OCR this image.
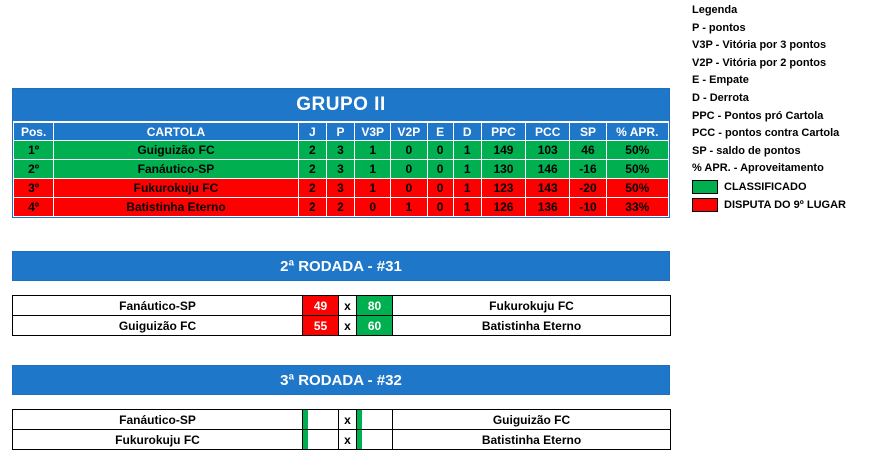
Legenda
P - pontos
V3P - Vitória por 3 pontos
V2P - Vitória por 2 pontos
E - Empate
D - Derrota
PPC - Pontos pró Cartola
PCC - pontos contra Cartola
SP - saldo de pontos
% APR. - Aproveitamento
CLASSIFICADO
DISPUTA DO 9º LUGAR
GRUPO II
Pos.	CARTOLA	J	P	V3P	V2P	E	D	PPC	PCC	SP	% APR.
1º	Guiguizão FC	2	3	1	0	0	1	149	103	46	50%
2º	Fanáutico-SP	2	3	1	0	0	1	130	146	-16	50%
3º	Fukurokuju FC	2	3	1	0	0	1	123	143	-20	50%
4º	Batistinha Eterno	2	2	0	1	0	1	126	136	-10	33%
2ª RODADA - #31
Fanáutico-SP	49	x	80	Fukurokuju FC
Guiguizão FC	55	x	60	Batistinha Eterno
3ª RODADA - #32
Fanáutico-SP		x		Guiguizão FC
Fukurokuju FC		x		Batistinha Eterno
